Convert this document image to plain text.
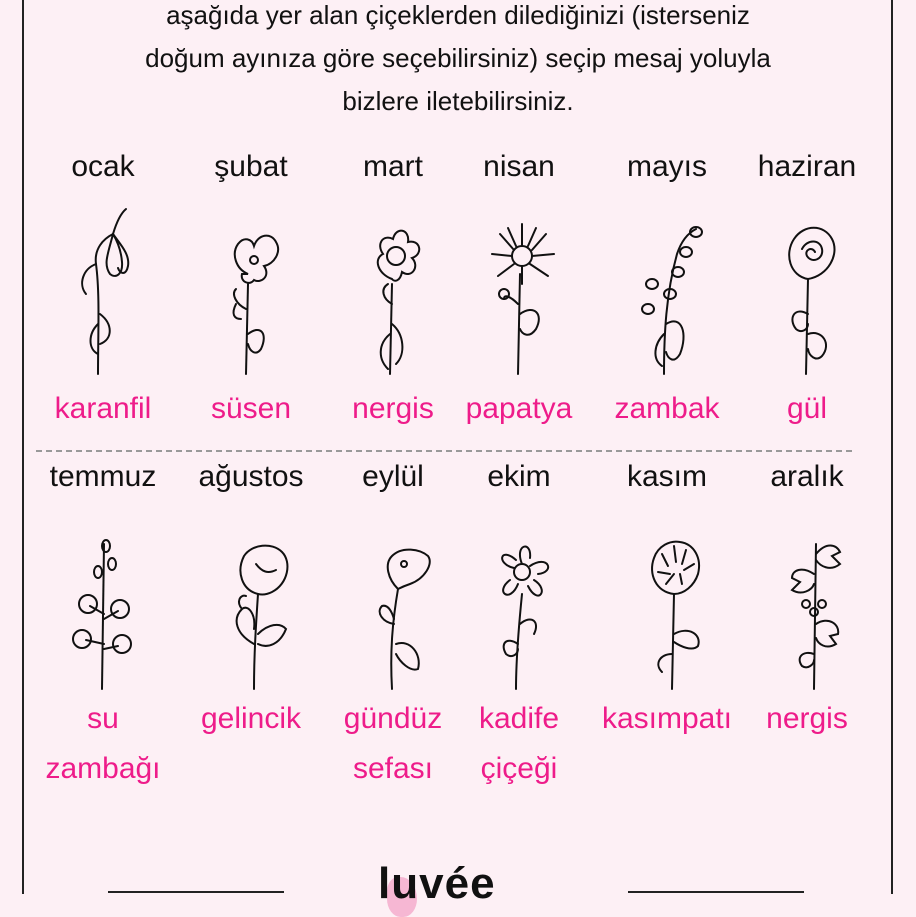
aşağıda yer alan çiçeklerden dilediğinizi (isterseniz
doğum ayınıza göre seçebilirsiniz) seçip mesaj yoluyla
bizlere iletebilirsiniz.
ocak
karanfil
şubat
süsen
mart
nergis
nisan
papatya
mayıs
zambak
haziran
gül
temmuz
su
zambağı
ağustos
gelincik
eylül
gündüz
sefası
ekim
kadife
çiçeği
kasım
kasımpatı
aralık
nergis
luvée
